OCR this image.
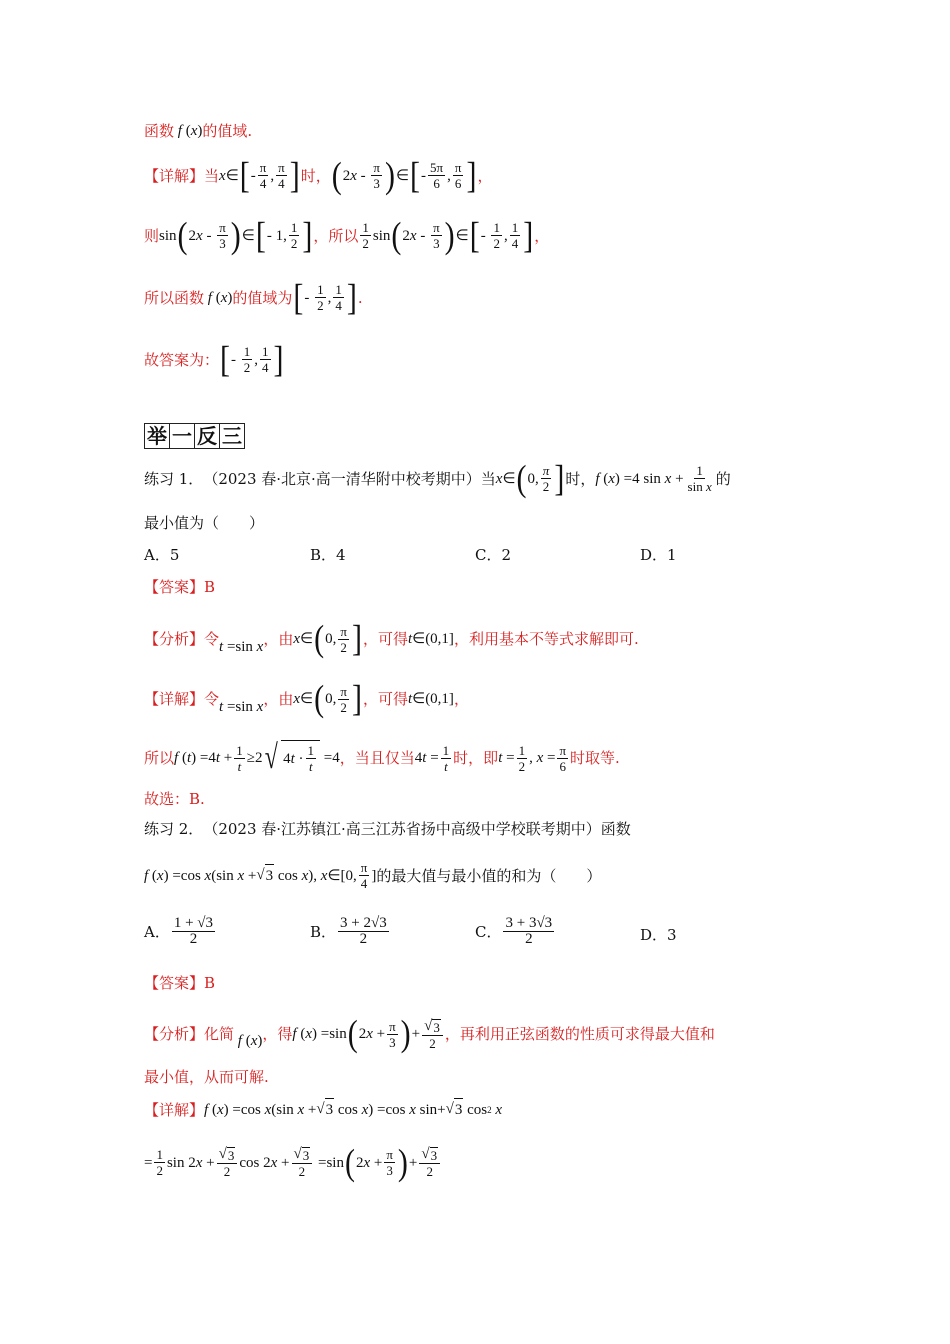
函数
f ( x ) 的值域.
【详解】 当 x ∈ [ - $\frac{\pi}{4}$ , $\frac{\pi}{4}$ ] 时， ( 2 x - $\frac{\pi}{3}$ ) ∈ [ - $\frac{5\pi}{6}$ , $\frac{\pi}{6}$ ] ，
则 sin ( 2 x - $\frac{\pi}{3}$ ) ∈ [ - 1, $\frac{1}{2}$ ] ，所以 $\frac{1}{2}$ sin ( 2 x - $\frac{\pi}{3}$ ) ∈ [ - $\frac{1}{2}$ , $\frac{1}{4}$ ] ，
所以函数
f ( x ) 的值域为 [ - $\frac{1}{2}$ , $\frac{1}{4}$ ] .
故答案为： [ - $\frac{1}{2}$ , $\frac{1}{4}$ ]
举 一 反 三
练习 1． （2023 春·北京·高一清华附中校考期中）当 x ∈ ( 0, $\frac{\pi}{2}$ ] 时， f ( x ) =4 $\sin x + \frac{1}{\text{sin x}}$ 的
最小值为（　　）
A． 5	B． 4	C． 2	D． 1
【答案】 B
【分析】 令 t =sin x ，由 x ∈ ( 0, $\frac{\pi}{2}$ ] ，可得 t ∈(0,1] ，利用基本不等式求解即可.
【详解】 令 t =sin x ，由 x ∈ ( 0, $\frac{\pi}{2}$ ] ，可得 t ∈(0,1] ，
所以 f ( t ) =4 $t + \frac{1}{t} \ge 2$ √ 4 $t \cdot \frac{1}{t} =4$ ，当且仅当 4 $t = \frac{1}{t}$ 时，即 $t = \frac{1}{2}$ , $x = \frac{\pi}{6}$ 时取等.
故选：B.
练习 2． （2023 春·江苏镇江·高三江苏省扬中高级中学校联考期中）函数
f ( x ) =cos x (sin x + √ 3 cos x ), x ∈[0, $\frac{\pi}{4}$ ] 的最大值与最小值的和为（　　）
A． $\frac{1 + √3}{2}$	B． $\frac{3 + 2√3}{2}$	C． $\frac{3 + 3√3}{2}$	D． 3
【答案】 B
【分析】 化简
f ( x ) ，得 f ( x ) =sin ( 2 $x + \frac{\pi}{3}$ ) + $\frac{√ 3}{2}$ ，再利用正弦函数的性质可求得最大值和
最小值，从而可解.
【详解】 f ( x ) =cos x (sin x + √ 3 cos x ) =cos x sin+ √ 3 cos 2
x
= $\frac{1}{2}$ sin 2 $x + \frac{√ 3}{2}$ cos 2 $x + \frac{√ 3}{2} =\sin$ ( 2 $x + \frac{\pi}{3}$ ) + $\frac{√ 3}{2}$
